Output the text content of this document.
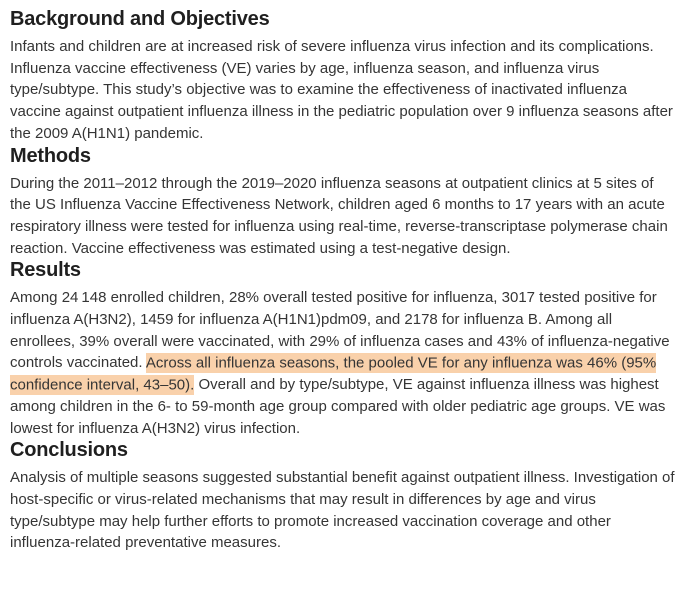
Background and Objectives

Infants and children are at increased risk of severe influenza virus infection and its complications. Influenza vaccine effectiveness (VE) varies by age, influenza season, and influenza virus type/subtype. This study’s objective was to examine the effectiveness of inactivated influenza vaccine against outpatient influenza illness in the pediatric population over 9 influenza seasons after the 2009 A(H1N1) pandemic.

Methods

During the 2011–2012 through the 2019–2020 influenza seasons at outpatient clinics at 5 sites of the US Influenza Vaccine Effectiveness Network, children aged 6 months to 17 years with an acute respiratory illness were tested for influenza using real-time, reverse-transcriptase polymerase chain reaction. Vaccine effectiveness was estimated using a test-negative design.

Results

Among 24 148 enrolled children, 28% overall tested positive for influenza, 3017 tested positive for influenza A(H3N2), 1459 for influenza A(H1N1)pdm09, and 2178 for influenza B. Among all enrollees, 39% overall were vaccinated, with 29% of influenza cases and 43% of influenza-negative controls vaccinated. Across all influenza seasons, the pooled VE for any influenza was 46% (95% confidence interval, 43–50). Overall and by type/subtype, VE against influenza illness was highest among children in the 6- to 59-month age group compared with older pediatric age groups. VE was lowest for influenza A(H3N2) virus infection.

Conclusions

Analysis of multiple seasons suggested substantial benefit against outpatient illness. Investigation of host-specific or virus-related mechanisms that may result in differences by age and virus type/subtype may help further efforts to promote increased vaccination coverage and other influenza-related preventative measures.
